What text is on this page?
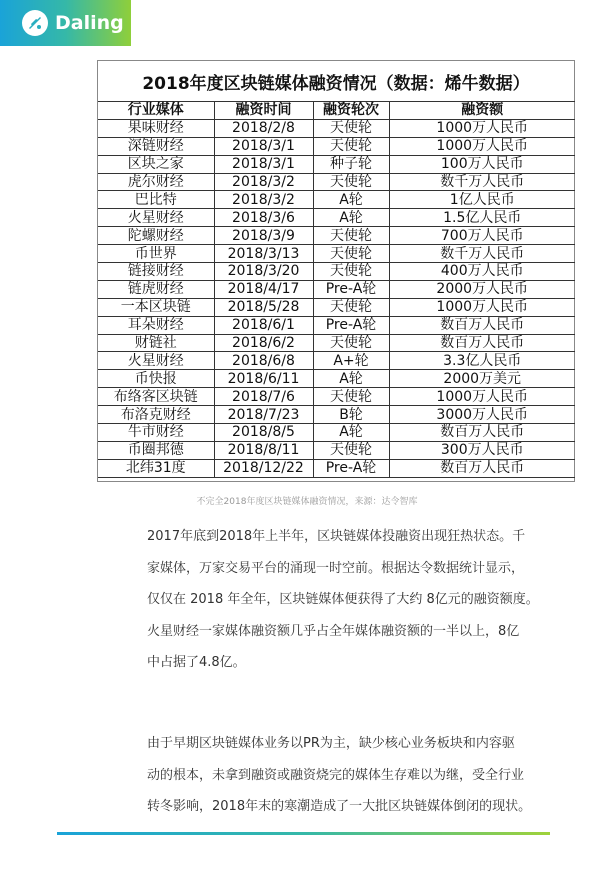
Daling
2018年度区块链媒体融资情况（数据：烯牛数据）
行业媒体	融资时间	融资轮次	融资额
果味财经	2018/2/8	天使轮	1000万人民币
深链财经	2018/3/1	天使轮	1000万人民币
区块之家	2018/3/1	种子轮	100万人民币
虎尔财经	2018/3/2	天使轮	数千万人民币
巴比特	2018/3/2	A轮	1亿人民币
火星财经	2018/3/6	A轮	1.5亿人民币
陀螺财经	2018/3/9	天使轮	700万人民币
币世界	2018/3/13	天使轮	数千万人民币
链接财经	2018/3/20	天使轮	400万人民币
链虎财经	2018/4/17	Pre-A轮	2000万人民币
一本区块链	2018/5/28	天使轮	1000万人民币
耳朵财经	2018/6/1	Pre-A轮	数百万人民币
财链社	2018/6/2	天使轮	数百万人民币
火星财经	2018/6/8	A+轮	3.3亿人民币
币快报	2018/6/11	A轮	2000万美元
布络客区块链	2018/7/6	天使轮	1000万人民币
布洛克财经	2018/7/23	B轮	3000万人民币
牛市财经	2018/8/5	A轮	数百万人民币
币圈邦德	2018/8/11	天使轮	300万人民币
北纬31度	2018/12/22	Pre-A轮	数百万人民币
不完全2018年度区块链媒体融资情况，来源：达令智库

2017年底到2018年上半年，区块链媒体投融资出现狂热状态。千

家媒体，万家交易平台的涌现一时空前。根据达令数据统计显示，

仅仅在 2018 年全年，区块链媒体便获得了大约 8亿元的融资额度。

火星财经一家媒体融资额几乎占全年媒体融资额的一半以上，8亿

中占据了4.8亿。

由于早期区块链媒体业务以PR为主，缺少核心业务板块和内容驱

动的根本，未拿到融资或融资烧完的媒体生存难以为继，受全行业

转冬影响，2018年末的寒潮造成了一大批区块链媒体倒闭的现状。
